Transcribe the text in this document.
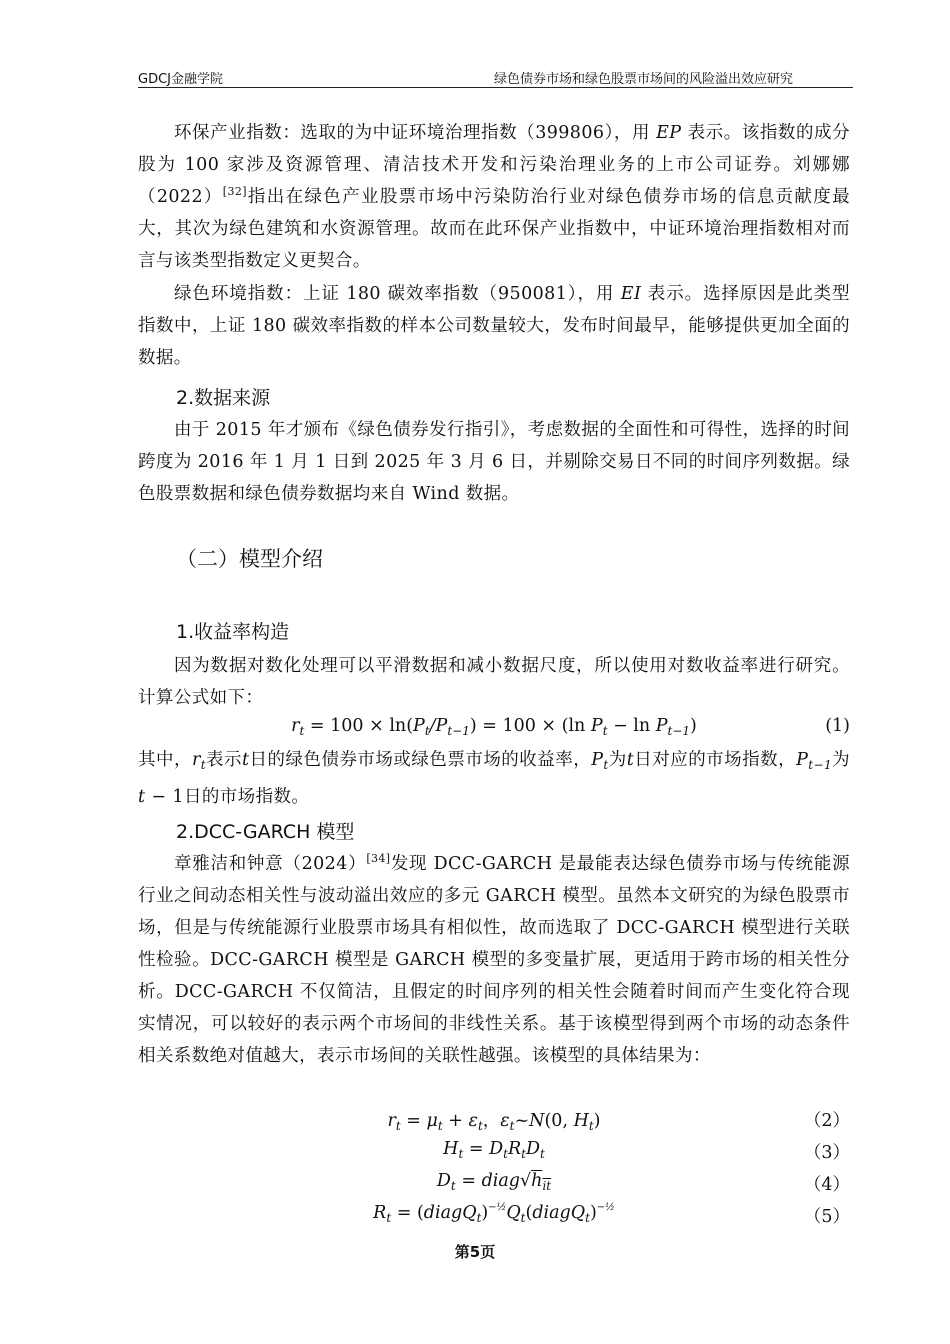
GDCJ金融学院	绿色债券市场和绿色股票市场间的风险溢出效应研究
环保产业指数：选取的为中证环境治理指数（399806），用 EP 表示。该指数的成分股为 100 家涉及资源管理、清洁技术开发和污染治理业务的上市公司证券。刘娜娜（2022）[32]指出在绿色产业股票市场中污染防治行业对绿色债券市场的信息贡献度最大，其次为绿色建筑和水资源管理。故而在此环保产业指数中，中证环境治理指数相对而言与该类型指数定义更契合。
绿色环境指数：上证 180 碳效率指数（950081），用 EI 表示。选择原因是此类型指数中，上证 180 碳效率指数的样本公司数量较大，发布时间最早，能够提供更加全面的数据。
2.数据来源
由于 2015 年才颁布《绿色债券发行指引》，考虑数据的全面性和可得性，选择的时间跨度为 2016 年 1 月 1 日到 2025 年 3 月 6 日，并剔除交易日不同的时间序列数据。绿色股票数据和绿色债券数据均来自 Wind 数据。
（二）模型介绍
1.收益率构造
因为数据对数化处理可以平滑数据和减小数据尺度，所以使用对数收益率进行研究。计算公式如下：
$r_t = 100 \times \ln(P_t/P_{t-1}) = 100 \times (\ln$ $P_t - \ln P_{t-1}$)	(1)
其中，$r_t$表示t日的绿色债券市场或绿色票市场的收益率，$P_t$为t日对应的市场指数，$P_{t-1}$为t − 1日的市场指数。
2.DCC-GARCH 模型
章雅洁和钟意（2024）[34]发现 DCC-GARCH 是最能表达绿色债券市场与传统能源行业之间动态相关性与波动溢出效应的多元 GARCH 模型。虽然本文研究的为绿色股票市场，但是与传统能源行业股票市场具有相似性，故而选取了 DCC-GARCH 模型进行关联性检验。DCC-GARCH 模型是 GARCH 模型的多变量扩展，更适用于跨市场的相关性分析。DCC-GARCH 不仅简洁，且假定的时间序列的相关性会随着时间而产生变化符合现实情况，可以较好的表示两个市场间的非线性关系。基于该模型得到两个市场的动态条件相关系数绝对值越大，表示市场间的关联性越强。该模型的具体结果为：
$r_t = \mu_t + \varepsilon_t$，$\varepsilon_t\sim N(0$, $H_t$)	（2）
$H_t = D_tR_tD_t$	（3）
$D_t$ = $diag√h_{it}$	（4）
$R_t$ = $(diagQ_t)-\frac{1}{2}Q_t(diagQ_t)-\frac{1}{2}$	（5）
第5页
